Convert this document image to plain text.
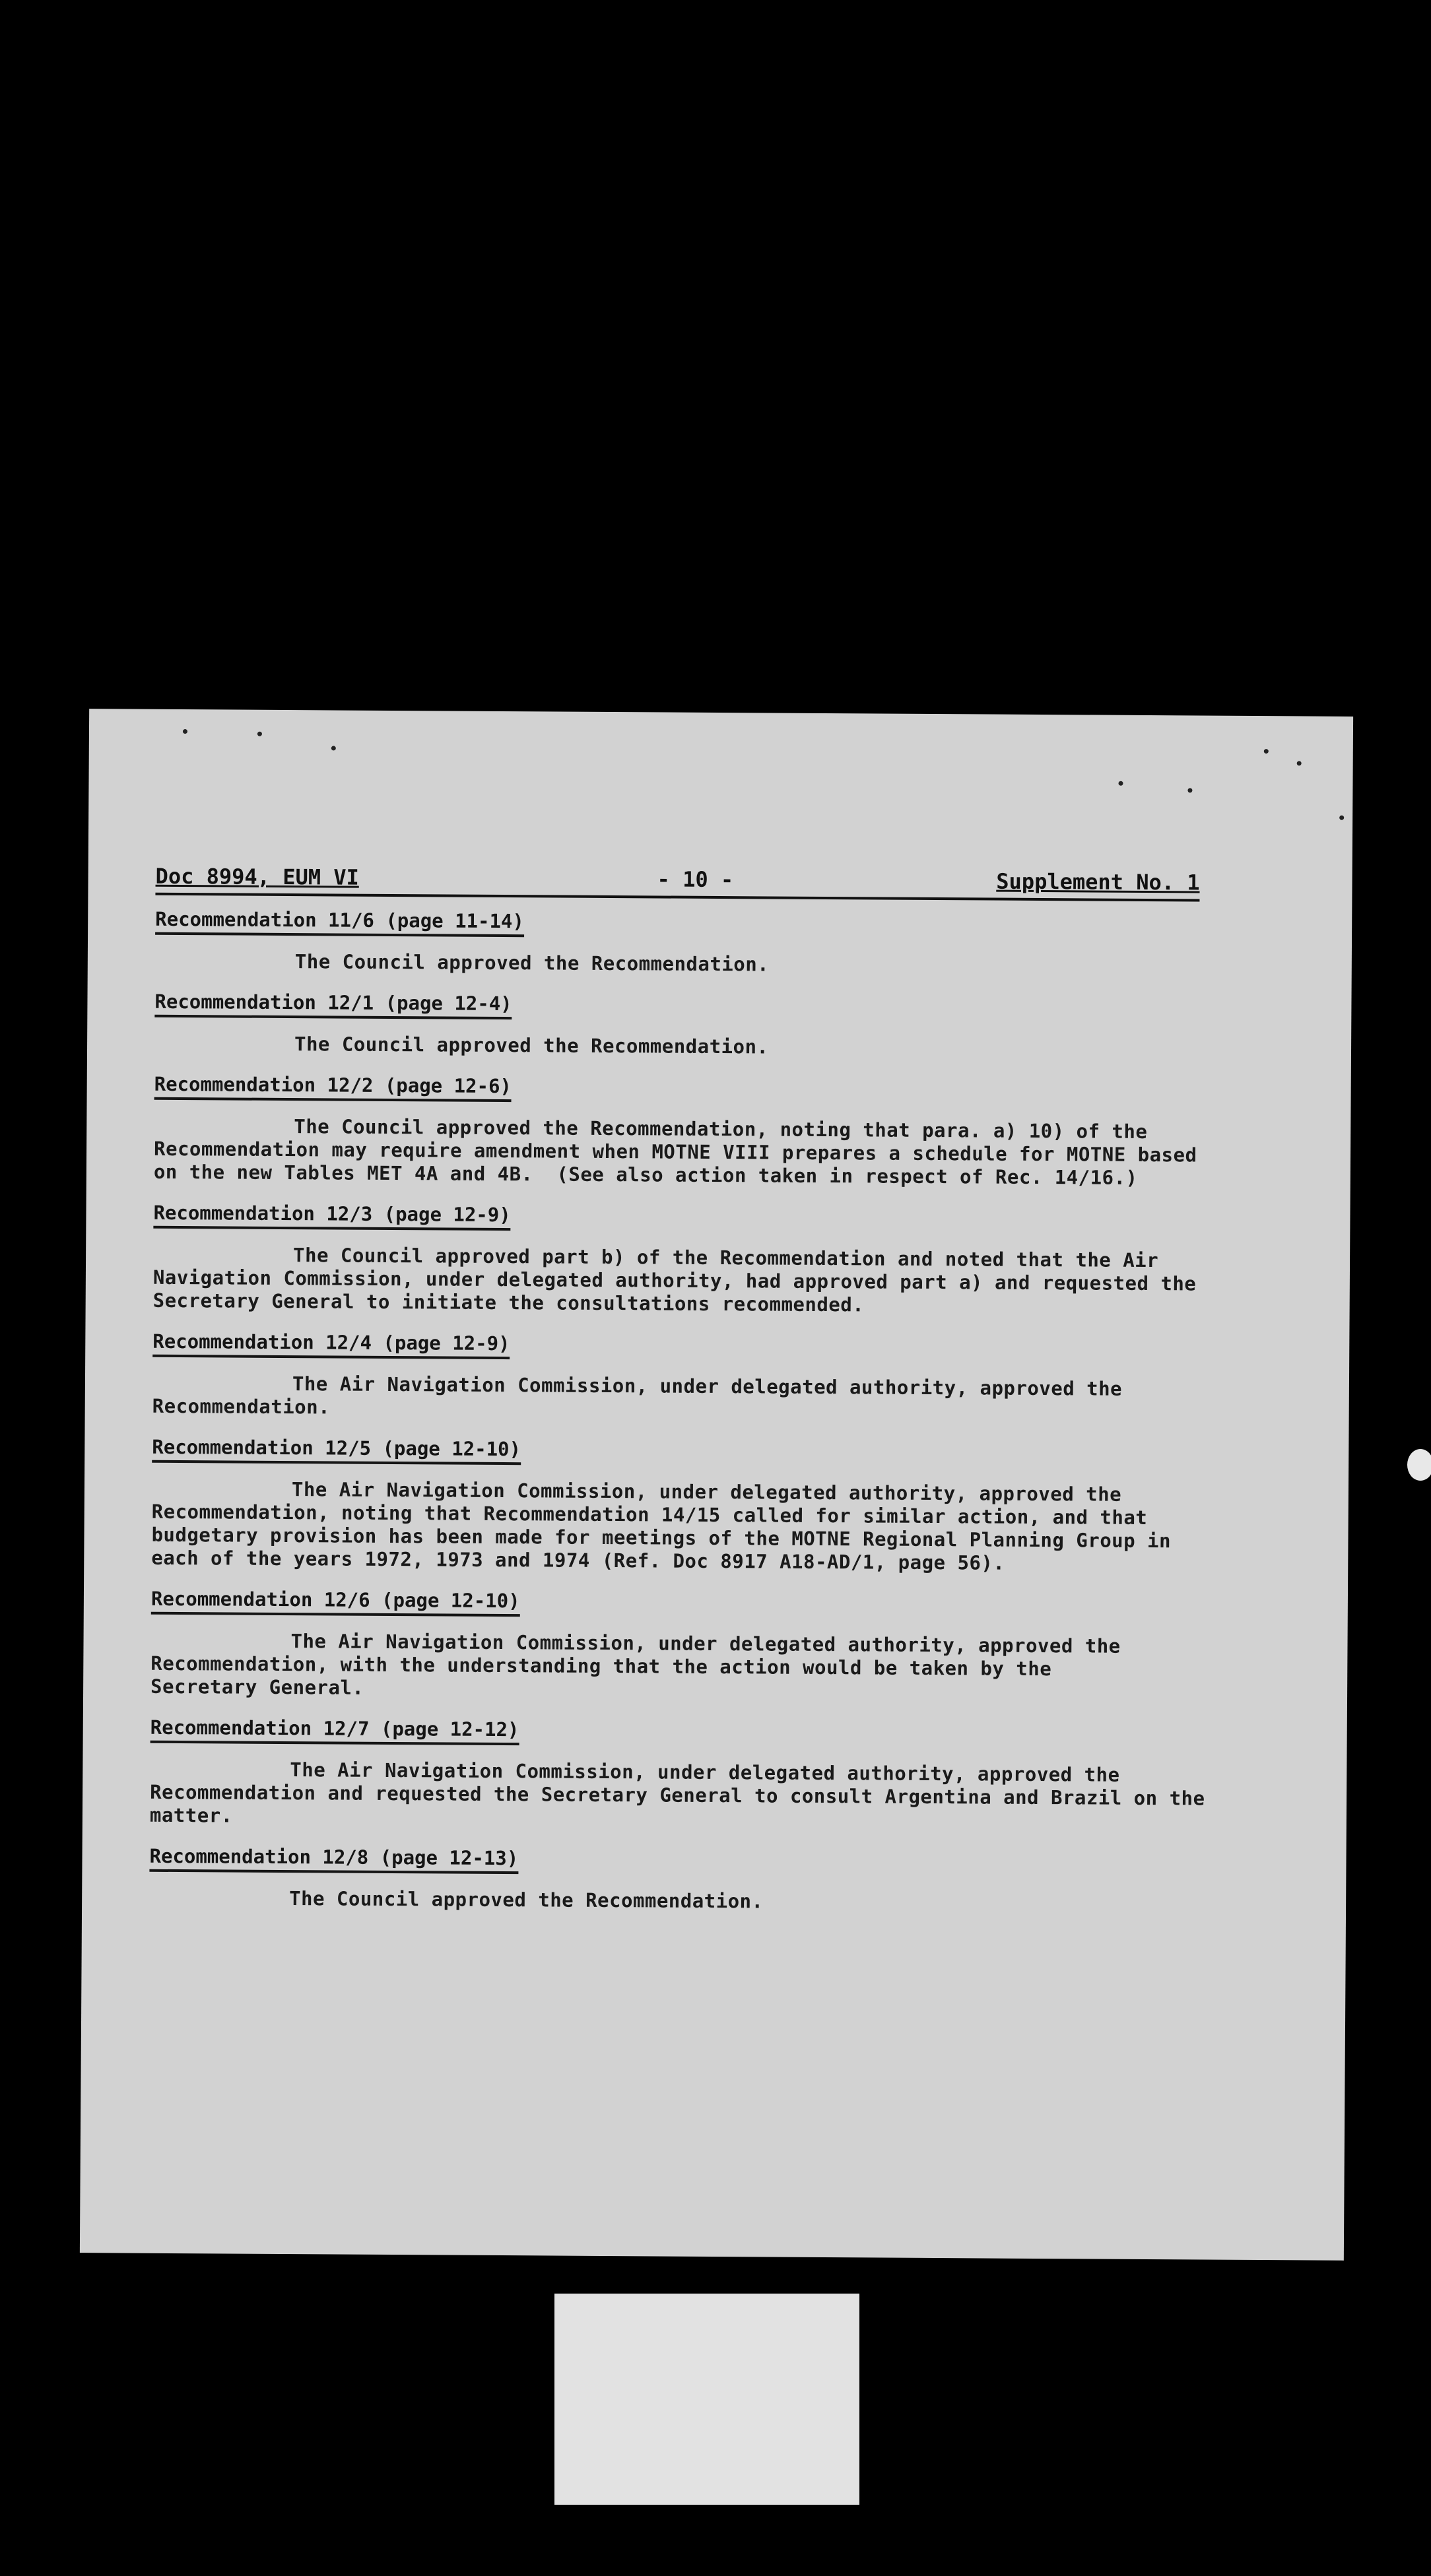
Doc 8994, EUM VI	- 10 -	Supplement No. 1
Recommendation 11/6 (page 11-14)
The Council approved the Recommendation.
Recommendation 12/1 (page 12-4)
The Council approved the Recommendation.
Recommendation 12/2 (page 12-6)
The Council approved the Recommendation, noting that para. a) 10) of the
Recommendation may require amendment when MOTNE VIII prepares a schedule for MOTNE based
on the new Tables MET 4A and 4B.  (See also action taken in respect of Rec. 14/16.)
Recommendation 12/3 (page 12-9)
The Council approved part b) of the Recommendation and noted that the Air
Navigation Commission, under delegated authority, had approved part a) and requested the
Secretary General to initiate the consultations recommended.
Recommendation 12/4 (page 12-9)
The Air Navigation Commission, under delegated authority, approved the
Recommendation.
Recommendation 12/5 (page 12-10)
The Air Navigation Commission, under delegated authority, approved the
Recommendation, noting that Recommendation 14/15 called for similar action, and that
budgetary provision has been made for meetings of the MOTNE Regional Planning Group in
each of the years 1972, 1973 and 1974 (Ref. Doc 8917 A18-AD/1, page 56).
Recommendation 12/6 (page 12-10)
The Air Navigation Commission, under delegated authority, approved the
Recommendation, with the understanding that the action would be taken by the
Secretary General.
Recommendation 12/7 (page 12-12)
The Air Navigation Commission, under delegated authority, approved the
Recommendation and requested the Secretary General to consult Argentina and Brazil on the
matter.
Recommendation 12/8 (page 12-13)
The Council approved the Recommendation.
